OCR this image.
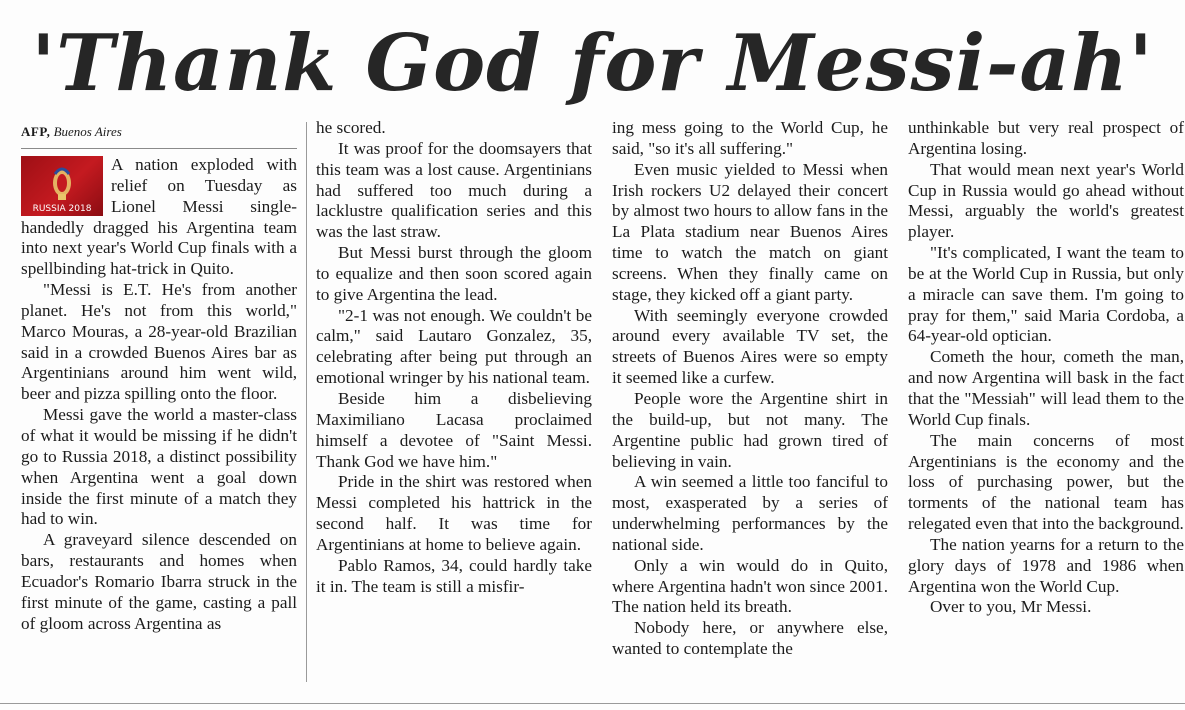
'Thank God for Messi-ah'
AFP, Buenos Aires
RUSSIA 2018

A nation exploded with relief on Tuesday as Lionel Messi single-handedly dragged his Argentina team into next year's World Cup finals with a spellbinding hat-trick in Quito.

"Messi is E.T. He's from another planet. He's not from this world," Marco Mouras, a 28-year-old Brazilian said in a crowded Buenos Aires bar as Argentinians around him went wild, beer and pizza spilling onto the floor.

Messi gave the world a master-class of what it would be missing if he didn't go to Russia 2018, a distinct possibility when Argentina went a goal down inside the first minute of a match they had to win.

A graveyard silence descended on bars, restaurants and homes when Ecuador's Romario Ibarra struck in the first minute of the game, casting a pall of gloom across Argentina as

he scored.

It was proof for the doomsayers that this team was a lost cause. Argentinians had suffered too much during a lacklustre qualification series and this was the last straw.

But Messi burst through the gloom to equalize and then soon scored again to give Argentina the lead.

"2-1 was not enough. We couldn't be calm," said Lautaro Gonzalez, 35, celebrating after being put through an emotional wringer by his national team.

Beside him a disbelieving Maximiliano Lacasa proclaimed himself a devotee of "Saint Messi. Thank God we have him."

Pride in the shirt was restored when Messi completed his hattrick in the second half. It was time for Argentinians at home to believe again.

Pablo Ramos, 34, could hardly take it in. The team is still a misfir-

ing mess going to the World Cup, he said, "so it's all suffering."

Even music yielded to Messi when Irish rockers U2 delayed their concert by almost two hours to allow fans in the La Plata stadium near Buenos Aires time to watch the match on giant screens. When they finally came on stage, they kicked off a giant party.

With seemingly everyone crowded around every available TV set, the streets of Buenos Aires were so empty it seemed like a curfew.

People wore the Argentine shirt in the build-up, but not many. The Argentine public had grown tired of believing in vain.

A win seemed a little too fanciful to most, exasperated by a series of underwhelming performances by the national side.

Only a win would do in Quito, where Argentina hadn't won since 2001. The nation held its breath.

Nobody here, or anywhere else, wanted to contemplate the

unthinkable but very real prospect of Argentina losing.

That would mean next year's World Cup in Russia would go ahead without Messi, arguably the world's greatest player.

"It's complicated, I want the team to be at the World Cup in Russia, but only a miracle can save them. I'm going to pray for them," said Maria Cordoba, a 64-year-old optician.

Cometh the hour, cometh the man, and now Argentina will bask in the fact that the "Messiah" will lead them to the World Cup finals.

The main concerns of most Argentinians is the economy and the loss of purchasing power, but the torments of the national team has relegated even that into the background.

The nation yearns for a return to the glory days of 1978 and 1986 when Argentina won the World Cup.

Over to you, Mr Messi.
